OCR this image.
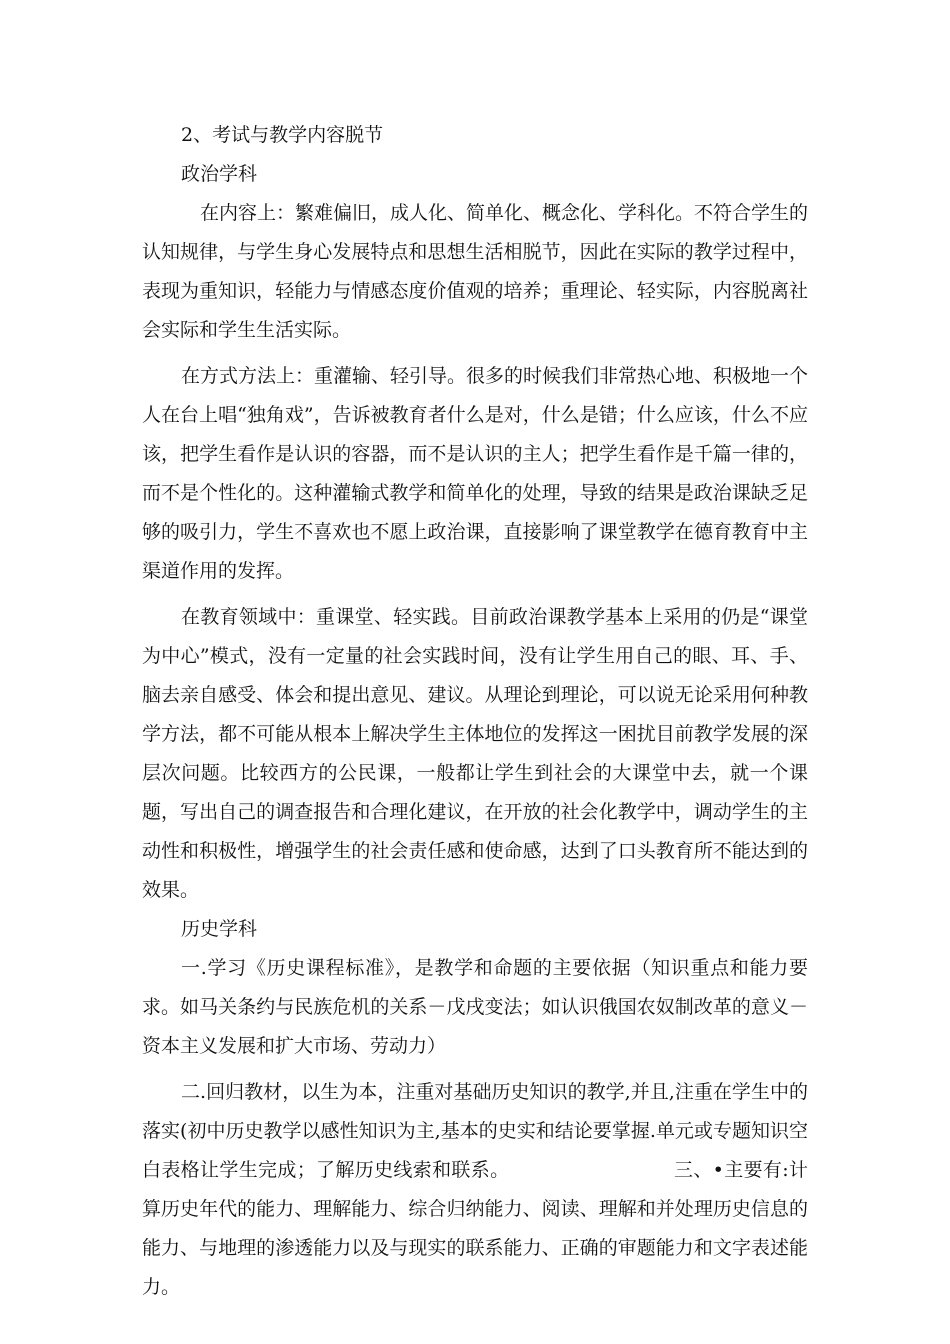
2、考试与教学内容脱节

政治学科

在内容上：繁难偏旧，成人化、简单化、概念化、学科化。不符合学生的认知规律，与学生身心发展特点和思想生活相脱节，因此在实际的教学过程中，表现为重知识，轻能力与情感态度价值观的培养；重理论、轻实际，内容脱离社会实际和学生生活实际。

在方式方法上：重灌输、轻引导。很多的时候我们非常热心地、积极地一个人在台上唱“独角戏”，告诉被教育者什么是对，什么是错；什么应该，什么不应该，把学生看作是认识的容器，而不是认识的主人；把学生看作是千篇一律的，而不是个性化的。这种灌输式教学和简单化的处理，导致的结果是政治课缺乏足够的吸引力，学生不喜欢也不愿上政治课，直接影响了课堂教学在德育教育中主渠道作用的发挥。

在教育领域中：重课堂、轻实践。目前政治课教学基本上采用的仍是“课堂为中心”模式，没有一定量的社会实践时间，没有让学生用自己的眼、耳、手、脑去亲自感受、体会和提出意见、建议。从理论到理论，可以说无论采用何种教学方法，都不可能从根本上解决学生主体地位的发挥这一困扰目前教学发展的深层次问题。比较西方的公民课，一般都让学生到社会的大课堂中去，就一个课题，写出自己的调查报告和合理化建议，在开放的社会化教学中，调动学生的主动性和积极性，增强学生的社会责任感和使命感，达到了口头教育所不能达到的效果。

历史学科

一.学习《历史课程标准》，是教学和命题的主要依据（知识重点和能力要求。如马关条约与民族危机的关系－戊戌变法；如认识俄国农奴制改革的意义－资本主义发展和扩大市场、劳动力）

二.回归教材，以生为本，注重对基础历史知识的教学,并且,注重在学生中的落实(初中历史教学以感性知识为主,基本的史实和结论要掌握.单元或专题知识空白表格让学生完成；了解历史线索和联系。　　　　　　　　　三、•主要有:计算历史年代的能力、理解能力、综合归纳能力、阅读、理解和并处理历史信息的能力、与地理的渗透能力以及与现实的联系能力、正确的审题能力和文字表述能力。
